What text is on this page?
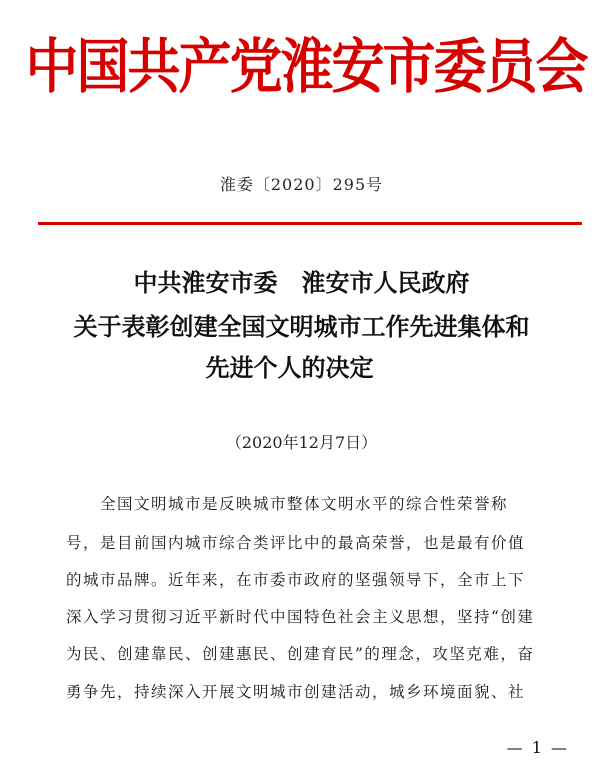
中国共产党淮安市委员会
淮委〔2020〕295号
中共淮安市委　淮安市人民政府
关于表彰创建全国文明城市工作先进集体和
先进个人的决定
（2020年12月7日）
全国文明城市是反映城市整体文明水平的综合性荣誉称
号，是目前国内城市综合类评比中的最高荣誉，也是最有价值
的城市品牌。近年来，在市委市政府的坚强领导下，全市上下
深入学习贯彻习近平新时代中国特色社会主义思想，坚持“创建
为民、创建靠民、创建惠民、创建育民”的理念，攻坚克难，奋
勇争先，持续深入开展文明城市创建活动，城乡环境面貌、社
— 1 —
